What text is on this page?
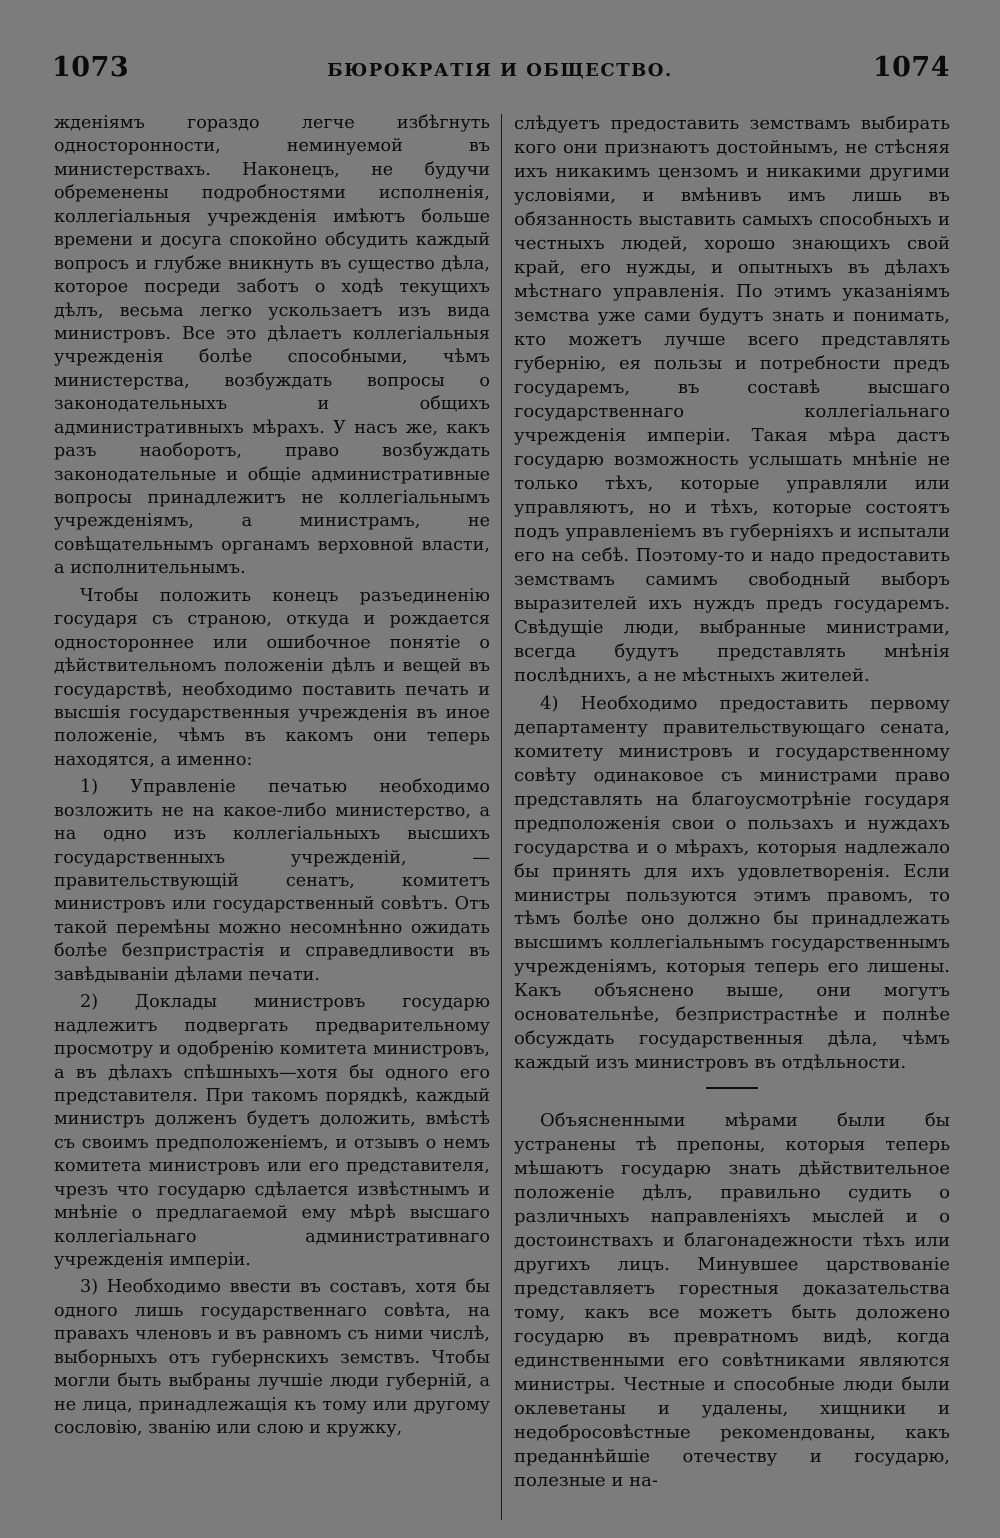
1073	БЮРОКРАТІЯ И ОБЩЕСТВО.	1074

жденіямъ гораздо легче избѣгнуть односторонности, неминуемой въ министерствахъ. Наконецъ, не будучи обременены подробностями исполненія, коллегіальныя учрежденія имѣютъ больше времени и досуга спокойно обсудить каждый вопросъ и глубже вникнуть въ существо дѣла, которое посреди заботъ о ходѣ текущихъ дѣлъ, весьма легко ускользаетъ изъ вида министровъ. Все это дѣлаетъ коллегіальныя учрежденія болѣе способными, чѣмъ министерства, возбуждать вопросы о законодательныхъ и общихъ административныхъ мѣрахъ. У насъ же, какъ разъ наоборотъ, право возбуждать законодательные и общіе административные вопросы принадлежитъ не коллегіальнымъ учрежденіямъ, а министрамъ, не совѣщательнымъ органамъ верховной власти, а исполнительнымъ.

Чтобы положить конецъ разъединенію государя съ страною, откуда и рождается одностороннее или ошибочное понятіе о дѣйствительномъ положеніи дѣлъ и вещей въ государствѣ, необходимо поставить печать и высшія государственныя учрежденія въ иное положеніе, чѣмъ въ какомъ они теперь находятся, а именно:

1) Управленіе печатью необходимо возложить не на какое-либо министерство, а на одно изъ коллегіальныхъ высшихъ государственныхъ учрежденій, — правительствующій сенатъ, комитетъ министровъ или государственный совѣтъ. Отъ такой перемѣны можно несомнѣнно ожидать болѣе безпристрастія и справедливости въ завѣдываніи дѣлами печати.

2) Доклады министровъ государю надлежитъ подвергать предварительному просмотру и одобренію комитета министровъ, а въ дѣлахъ спѣшныхъ—хотя бы одного его представителя. При такомъ порядкѣ, каждый министръ долженъ будетъ доложить, вмѣстѣ съ своимъ предположеніемъ, и отзывъ о немъ комитета министровъ или его представителя, чрезъ что государю сдѣлается извѣстнымъ и мнѣніе о предлагаемой ему мѣрѣ высшаго коллегіальнаго административнаго учрежденія имперіи.

3) Необходимо ввести въ составъ, хотя бы одного лишь государственнаго совѣта, на правахъ членовъ и въ равномъ съ ними числѣ, выборныхъ отъ губернскихъ земствъ. Чтобы могли быть выбраны лучшіе люди губерній, а не лица, принадлежащія къ тому или другому сословію, званію или слою и кружку,

слѣдуетъ предоставить земствамъ выбирать кого они признаютъ достойнымъ, не стѣсняя ихъ никакимъ цензомъ и никакими другими условіями, и вмѣнивъ имъ лишь въ обязанность выставить самыхъ способныхъ и честныхъ людей, хорошо знающихъ свой край, его нужды, и опытныхъ въ дѣлахъ мѣстнаго управленія. По этимъ указаніямъ земства уже сами будутъ знать и понимать, кто можетъ лучше всего представлять губернію, ея пользы и потребности предъ государемъ, въ составѣ высшаго государственнаго коллегіальнаго учрежденія имперіи. Такая мѣра дастъ государю возможность услышать мнѣніе не только тѣхъ, которые управляли или управляютъ, но и тѣхъ, которые состоятъ подъ управленіемъ въ губерніяхъ и испытали его на себѣ. Поэтому-то и надо предоставить земствамъ самимъ свободный выборъ выразителей ихъ нуждъ предъ государемъ. Свѣдущіе люди, выбранные министрами, всегда будутъ представлять мнѣнія послѣднихъ, а не мѣстныхъ жителей.

4) Необходимо предоставить первому департаменту правительствующаго сената, комитету министровъ и государственному совѣту одинаковое съ министрами право представлять на благоусмотрѣніе государя предположенія свои о пользахъ и нуждахъ государства и о мѣрахъ, которыя надлежало бы принять для ихъ удовлетворенія. Если министры пользуются этимъ правомъ, то тѣмъ болѣе оно должно бы принадлежать высшимъ коллегіальнымъ государственнымъ учрежденіямъ, которыя теперь его лишены. Какъ объяснено выше, они могутъ основательнѣе, безпристрастнѣе и полнѣе обсуждать государственныя дѣла, чѣмъ каждый изъ министровъ въ отдѣльности.

Объясненными мѣрами были бы устранены тѣ препоны, которыя теперь мѣшаютъ государю знать дѣйствительное положеніе дѣлъ, правильно судить о различныхъ направленіяхъ мыслей и о достоинствахъ и благонадежности тѣхъ или другихъ лицъ. Минувшее царствованіе представляетъ горестныя доказательства тому, какъ все можетъ быть доложено государю въ превратномъ видѣ, когда единственными его совѣтниками являются министры. Честные и способные люди были оклеветаны и удалены, хищники и недобросовѣстные рекомендованы, какъ преданнѣйшіе отечеству и государю, полезные и на-
